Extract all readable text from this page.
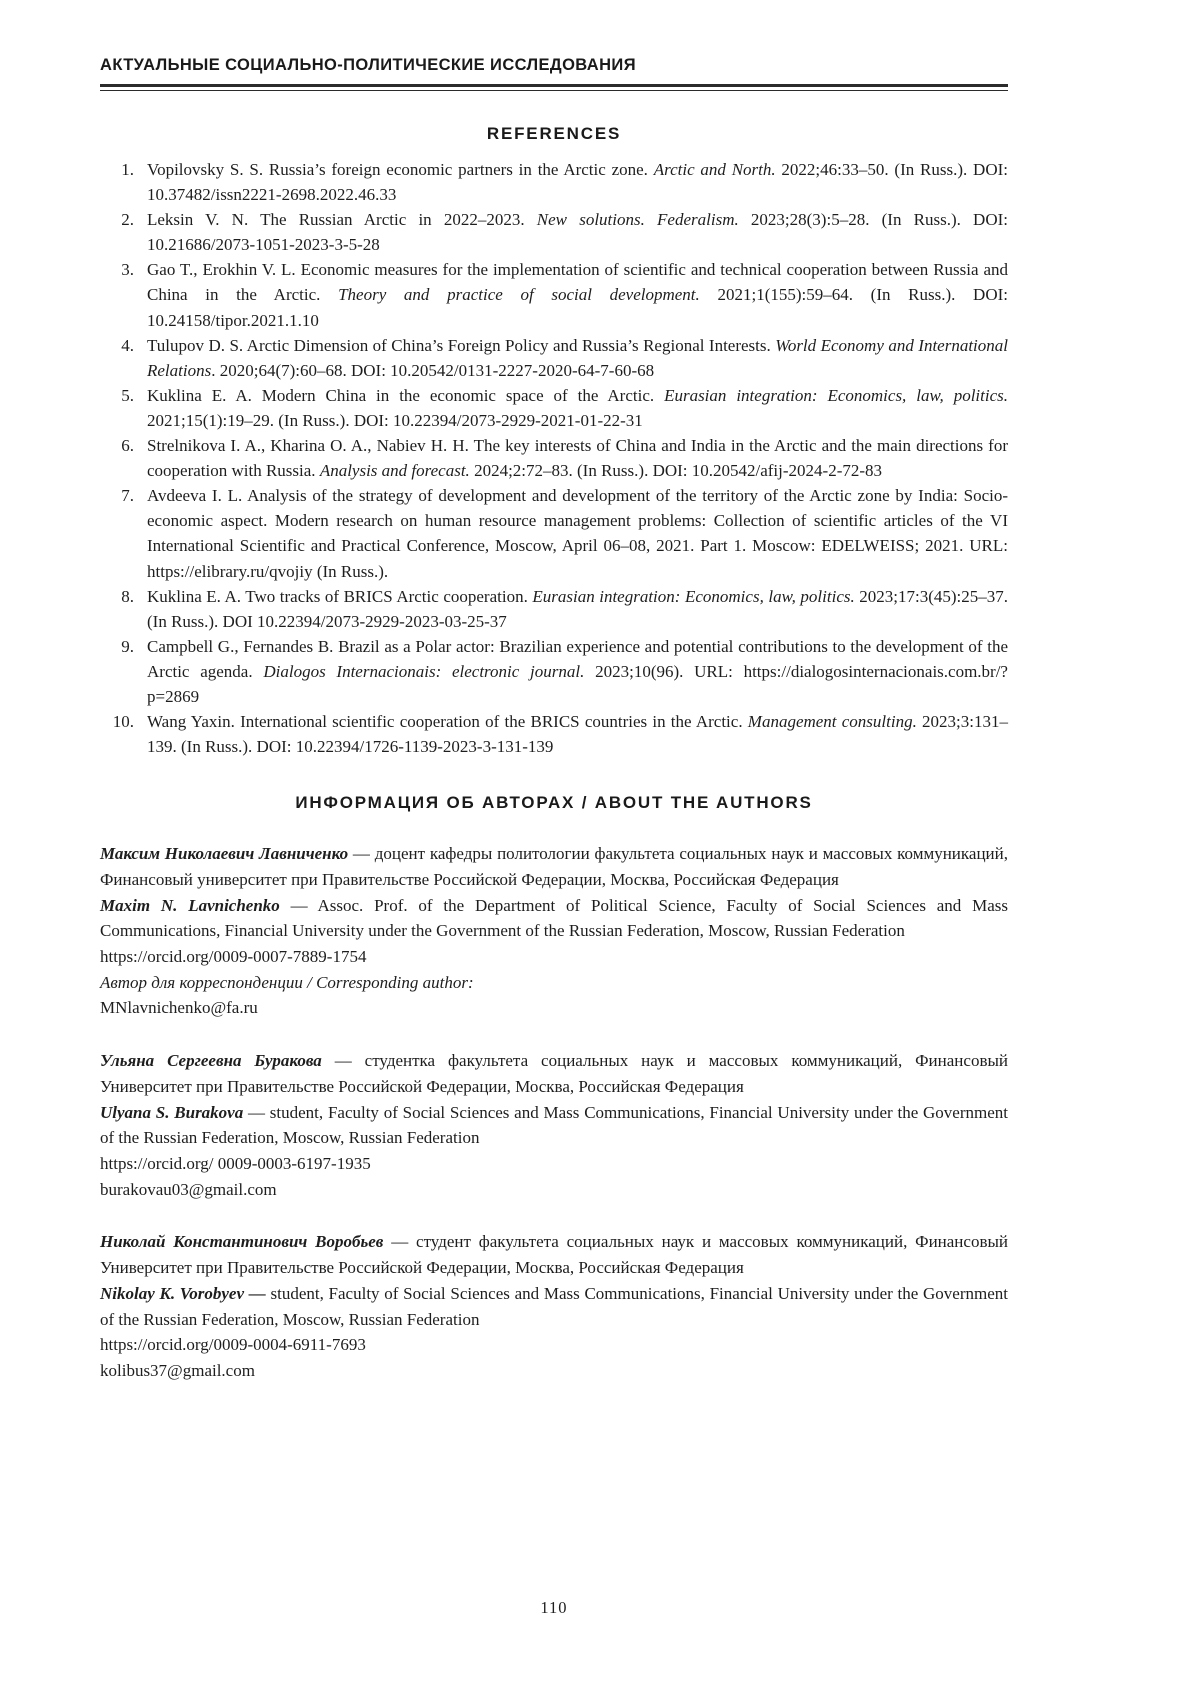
АКТУАЛЬНЫЕ СОЦИАЛЬНО-ПОЛИТИЧЕСКИЕ ИССЛЕДОВАНИЯ
REFERENCES
1. Vopilovsky S. S. Russia’s foreign economic partners in the Arctic zone. Arctic and North. 2022;46:33–50. (In Russ.). DOI: 10.37482/issn2221-2698.2022.46.33
2. Leksin V. N. The Russian Arctic in 2022–2023. New solutions. Federalism. 2023;28(3):5–28. (In Russ.). DOI: 10.21686/2073-1051-2023-3-5-28
3. Gao T., Erokhin V. L. Economic measures for the implementation of scientific and technical cooperation between Russia and China in the Arctic. Theory and practice of social development. 2021;1(155):59–64. (In Russ.). DOI: 10.24158/tipor.2021.1.10
4. Tulupov D. S. Arctic Dimension of China’s Foreign Policy and Russia’s Regional Interests. World Economy and International Relations. 2020;64(7):60–68. DOI: 10.20542/0131-2227-2020-64-7-60-68
5. Kuklina E. A. Modern China in the economic space of the Arctic. Eurasian integration: Economics, law, politics. 2021;15(1):19–29. (In Russ.). DOI: 10.22394/2073-2929-2021-01-22-31
6. Strelnikova I. A., Kharina O. A., Nabiev H. H. The key interests of China and India in the Arctic and the main directions for cooperation with Russia. Analysis and forecast. 2024;2:72–83. (In Russ.). DOI: 10.20542/afij-2024-2-72-83
7. Avdeeva I. L. Analysis of the strategy of development and development of the territory of the Arctic zone by India: Socio-economic aspect. Modern research on human resource management problems: Collection of scientific articles of the VI International Scientific and Practical Conference, Moscow, April 06–08, 2021. Part 1. Moscow: EDELWEISS; 2021. URL: https://elibrary.ru/qvojiy (In Russ.).
8. Kuklina E. A. Two tracks of BRICS Arctic cooperation. Eurasian integration: Economics, law, politics. 2023;17:3(45):25–37. (In Russ.). DOI 10.22394/2073-2929-2023-03-25-37
9. Campbell G., Fernandes B. Brazil as a Polar actor: Brazilian experience and potential contributions to the development of the Arctic agenda. Dialogos Internacionais: electronic journal. 2023;10(96). URL: https://dialogosinternacionais.com.br/?p=2869
10. Wang Yaxin. International scientific cooperation of the BRICS countries in the Arctic. Management consulting. 2023;3:131–139. (In Russ.). DOI: 10.22394/1726-1139-2023-3-131-139
ИНФОРМАЦИЯ ОБ АВТОРАХ / ABOUT THE AUTHORS

Максим Николаевич Лавниченко — доцент кафедры политологии факультета социальных наук и массовых коммуникаций, Финансовый университет при Правительстве Российской Федерации, Москва, Российская Федерация

Maxim N. Lavnichenko — Assoc. Prof. of the Department of Political Science, Faculty of Social Sciences and Mass Communications, Financial University under the Government of the Russian Federation, Moscow, Russian Federation

https://orcid.org/0009-0007-7889-1754

Автор для корреспонденции / Corresponding author:

MNlavnichenko@fa.ru

Ульяна Сергеевна Буракова — студентка факультета социальных наук и массовых коммуникаций, Финансовый Университет при Правительстве Российской Федерации, Москва, Российская Федерация

Ulyana S. Burakova — student, Faculty of Social Sciences and Mass Communications, Financial University under the Government of the Russian Federation, Moscow, Russian Federation

https://orcid.org/ 0009-0003-6197-1935

burakovau03@gmail.com

Николай Константинович Воробьев — студент факультета социальных наук и массовых коммуникаций, Финансовый Университет при Правительстве Российской Федерации, Москва, Российская Федерация

Nikolay K. Vorobyev — student, Faculty of Social Sciences and Mass Communications, Financial University under the Government of the Russian Federation, Moscow, Russian Federation

https://orcid.org/0009-0004-6911-7693

kolibus37@gmail.com

110
